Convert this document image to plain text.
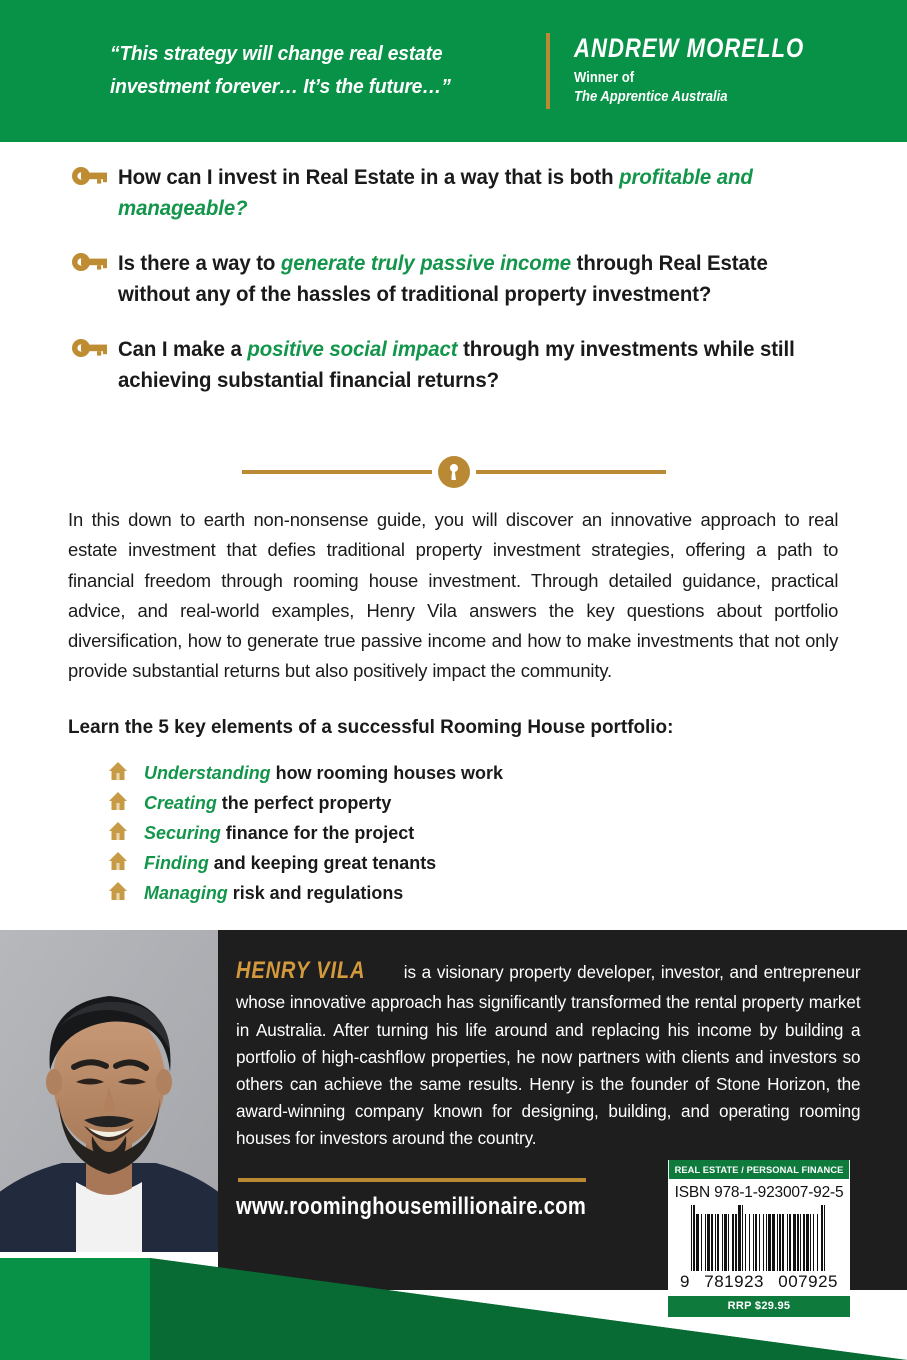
“This strategy will change real estate investment forever… It’s the future…”
ANDREW MORELLO
Winner of
The Apprentice Australia
How can I invest in Real Estate in a way that is both profitable and manageable?
Is there a way to generate truly passive income through Real Estate without any of the hassles of traditional property investment?
Can I make a positive social impact through my investments while still achieving substantial financial returns?
In this down to earth non-nonsense guide, you will discover an innovative approach to real estate investment that defies traditional property investment strategies, offering a path to financial freedom through rooming house investment. Through detailed guidance, practical advice, and real-world examples, Henry Vila answers the key questions about portfolio diversification, how to generate true passive income and how to make investments that not only provide substantial returns but also positively impact the community.
Learn the 5 key elements of a successful Rooming House portfolio:
Understanding how rooming houses work
Creating the perfect property
Securing finance for the project
Finding and keeping great tenants
Managing risk and regulations
HENRY VILA is a visionary property developer, investor, and entrepreneur whose innovative approach has significantly transformed the rental property market in Australia. After turning his life around and replacing his income by building a portfolio of high-cashflow properties, he now partners with clients and investors so others can achieve the same results. Henry is the founder of Stone Horizon, the award-winning company known for designing, building, and operating rooming houses for investors around the country.
www.roominghousemillionaire.com
REAL ESTATE / PERSONAL FINANCE
ISBN 978-1-923007-92-5
9 781923 007925
RRP $29.95
